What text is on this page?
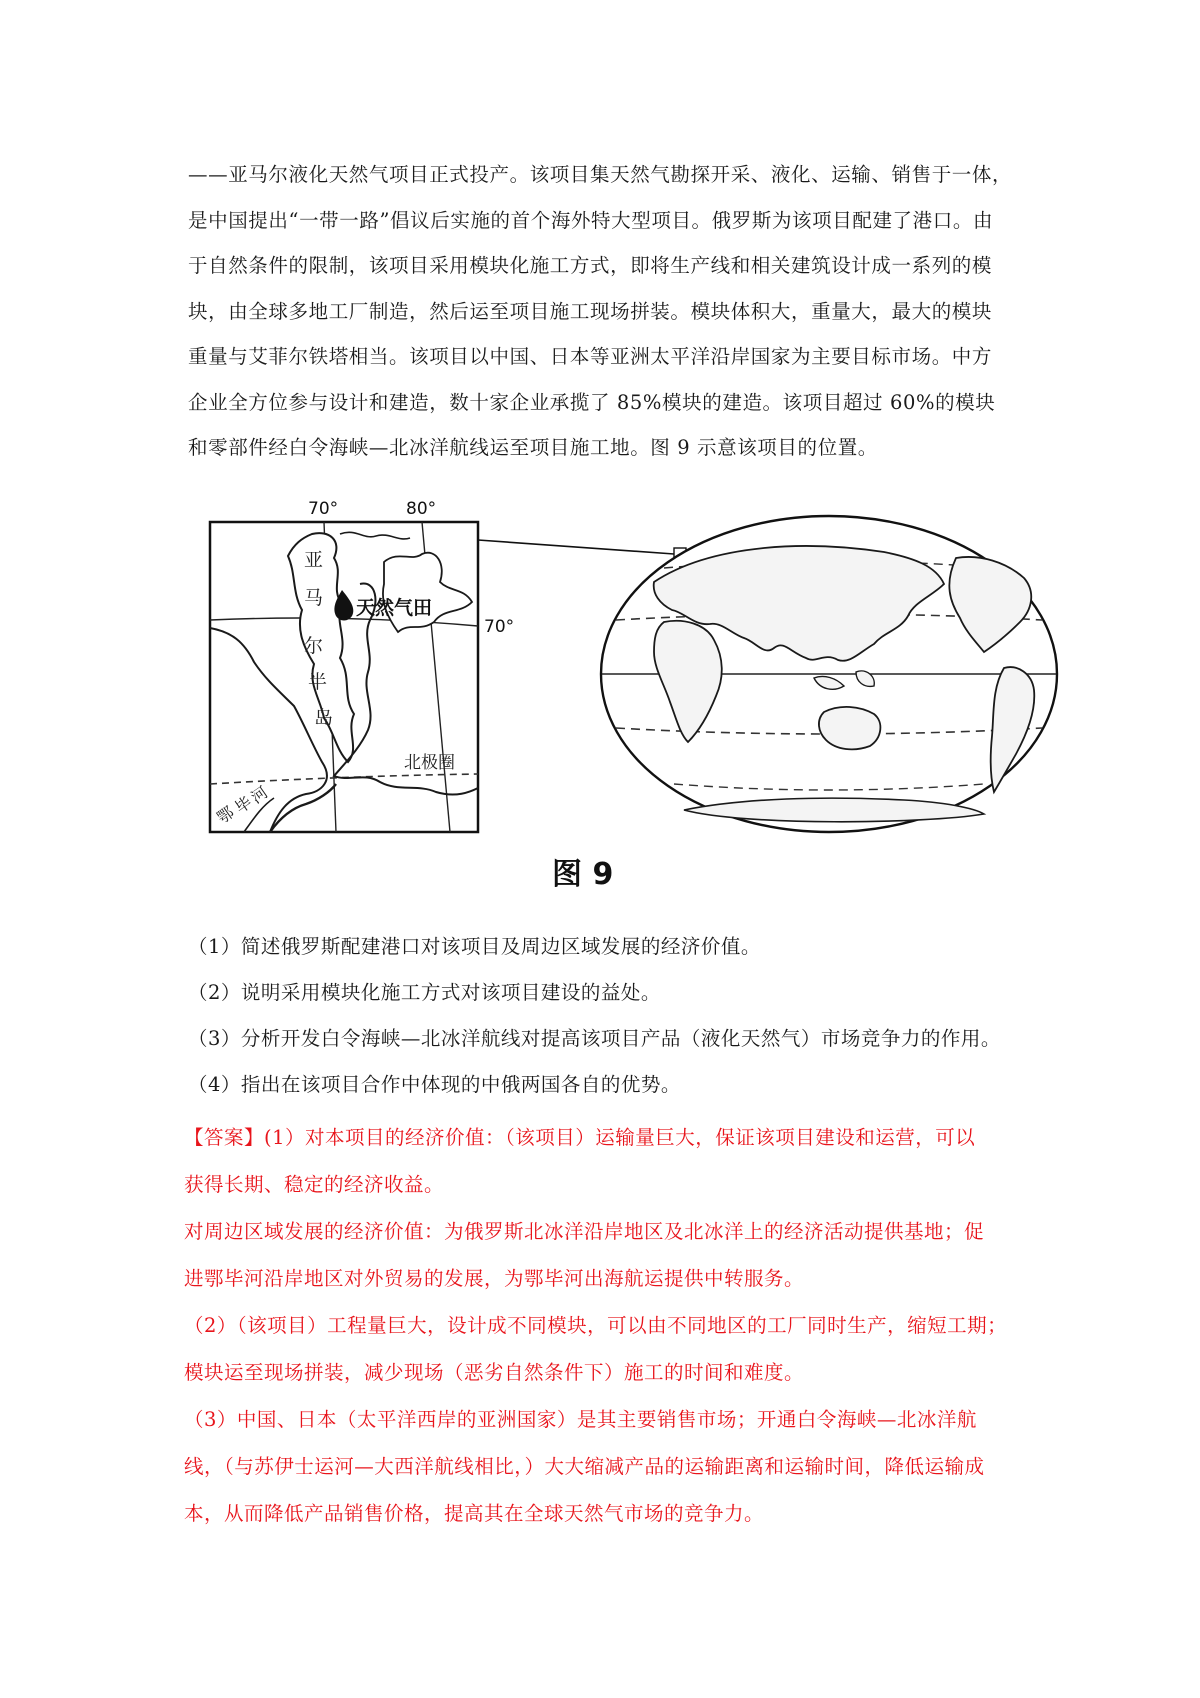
——亚马尔液化天然气项目正式投产。该项目集天然气勘探开采、液化、运输、销售于一体，
是中国提出“一带一路”倡议后实施的首个海外特大型项目。俄罗斯为该项目配建了港口。由
于自然条件的限制，该项目采用模块化施工方式，即将生产线和相关建筑设计成一系列的模
块，由全球多地工厂制造，然后运至项目施工现场拼装。模块体积大，重量大，最大的模块
重量与艾菲尔铁塔相当。该项目以中国、日本等亚洲太平洋沿岸国家为主要目标市场。中方
企业全方位参与设计和建造，数十家企业承揽了 85%模块的建造。该项目超过 60%的模块
和零部件经白令海峡—北冰洋航线运至项目施工地。图 9 示意该项目的位置。
70°	80°
70°
亚
马
尔
半
岛
天然气田
北极圈
河
毕
鄂
图 9
（1）简述俄罗斯配建港口对该项目及周边区域发展的经济价值。
（2）说明采用模块化施工方式对该项目建设的益处。
（3）分析开发白令海峡—北冰洋航线对提高该项目产品（液化天然气）市场竞争力的作用。
（4）指出在该项目合作中体现的中俄两国各自的优势。
【答案】(1）对本项目的经济价值：（该项目）运输量巨大，保证该项目建设和运营，可以
获得长期、稳定的经济收益。
对周边区域发展的经济价值：为俄罗斯北冰洋沿岸地区及北冰洋上的经济活动提供基地；促
进鄂毕河沿岸地区对外贸易的发展，为鄂毕河出海航运提供中转服务。
（2）（该项目）工程量巨大，设计成不同模块，可以由不同地区的工厂同时生产，缩短工期；
模块运至现场拼装，减少现场（恶劣自然条件下）施工的时间和难度。
（3）中国、日本（太平洋西岸的亚洲国家）是其主要销售市场；开通白令海峡—北冰洋航
线，（与苏伊士运河—大西洋航线相比，）大大缩减产品的运输距离和运输时间，降低运输成
本，从而降低产品销售价格，提高其在全球天然气市场的竞争力。
